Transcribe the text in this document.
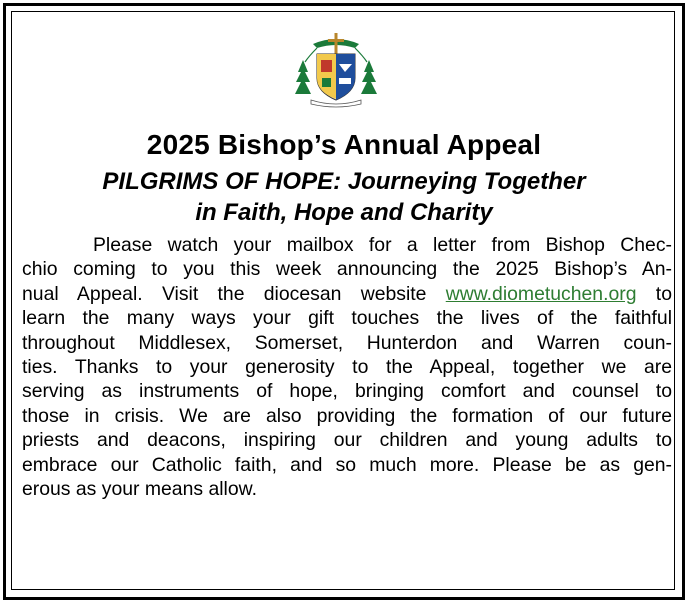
2025 Bishop’s Annual Appeal
PILGRIMS OF HOPE: Journeying Together
in Faith, Hope and Charity
Please watch your mailbox for a letter from Bishop Chec-
chio coming to you this week announcing the 2025 Bishop’s An-
nual Appeal. Visit the diocesan website www.diometuchen.org to
learn the many ways your gift touches the lives of the faithful
throughout Middlesex, Somerset, Hunterdon and Warren coun-
ties. Thanks to your generosity to the Appeal, together we are
serving as instruments of hope, bringing comfort and counsel to
those in crisis. We are also providing the formation of our future
priests and deacons, inspiring our children and young adults to
embrace our Catholic faith, and so much more. Please be as gen-
erous as your means allow.
